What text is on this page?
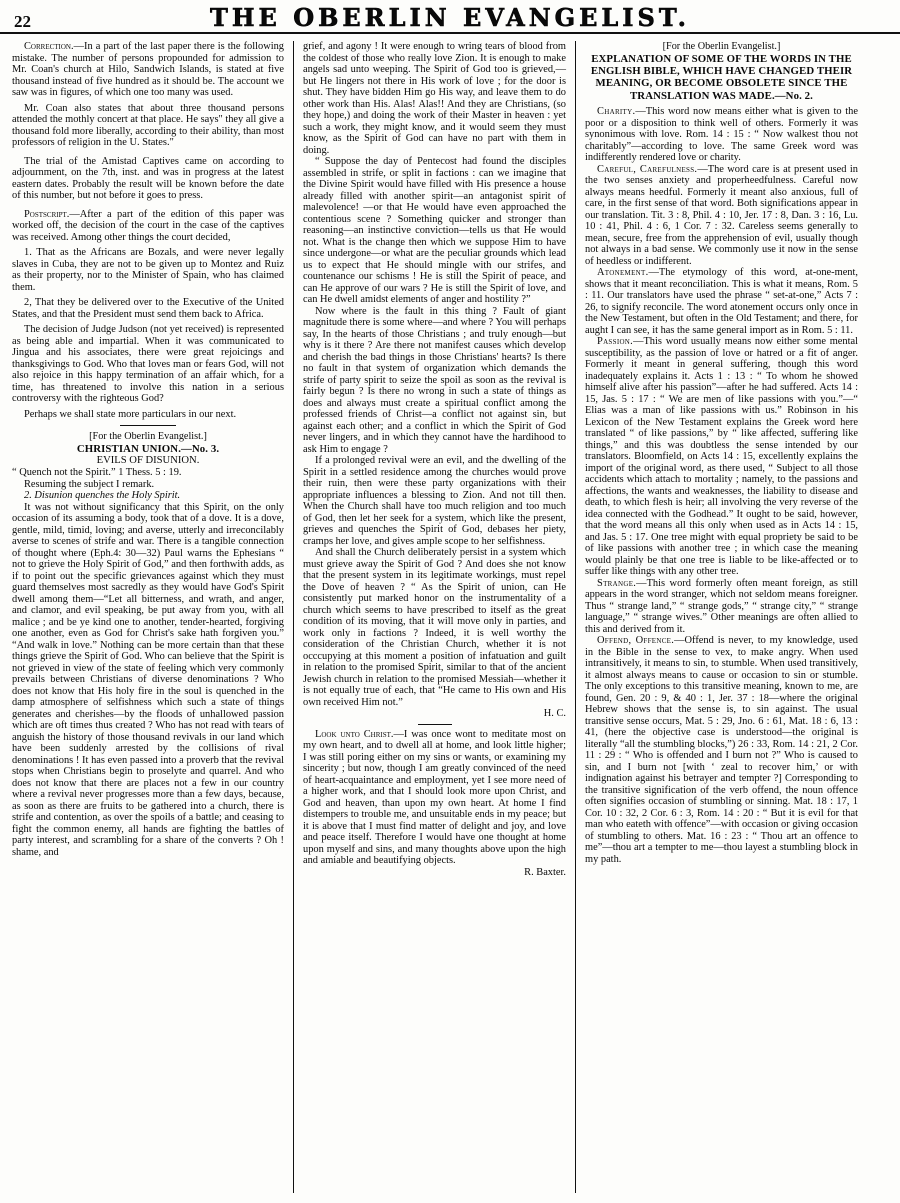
22	THE OBERLIN EVANGELIST.

Correction.—In a part of the last paper there is the following mistake. The number of persons propounded for admission to Mr. Coan's church at Hilo, Sandwich Islands, is stated at five thousand instead of five hundred as it should be. The account we saw was in figures, of which one too many was used.

Mr. Coan also states that about three thousand persons attended the mothly concert at that place. He says" they all give a thousand fold more liberally, according to their ability, than most professors of religion in the U. States."

The trial of the Amistad Captives came on according to adjournment, on the 7th, inst. and was in progress at the latest eastern dates. Probably the result will be known before the date of this number, but not before it goes to press.

Postscript.—After a part of the edition of this paper was worked off, the decision of the court in the case of the captives was received. Among other things the court decided,

1. That as the Africans are Bozals, and were never legally slaves in Cuba, they are not to be given up to Montez and Ruiz as their property, nor to the Minister of Spain, who has claimed them.

2, That they be delivered over to the Executive of the United States, and that the President must send them back to Africa.

The decision of Judge Judson (not yet received) is represented as being able and impartial. When it was communicated to Jingua and his associates, there were great rejoicings and thanksgivings to God. Who that loves man or fears God, will not also rejoice in this happy termination of an affair which, for a time, has threatened to involve this nation in a serious controversy with the righteous God?

Perhaps we shall state more particulars in our next.

[For the Oberlin Evangelist.]

CHRISTIAN UNION.—No. 3.

EVILS OF DISUNION.

“ Quench not the Spirit.” 1 Thess. 5 : 19.

Resuming the subject I remark.

2. Disunion quenches the Holy Spirit.

It was not without significancy that this Spirit, on the only occasion of its assuming a body, took that of a dove. It is a dove, gentle, mild, timid, loving; and averse, utterly and irreconcilably averse to scenes of strife and war. There is a tangible connection of thought where (Eph.4: 30—32) Paul warns the Ephesians “ not to grieve the Holy Spirit of God,” and then forthwith adds, as if to point out the specific grievances against which they must guard themselves most sacredly as they would have God's Spirit dwell among them—“Let all bitterness, and wrath, and anger, and clamor, and evil speaking, be put away from you, with all malice ; and be ye kind one to another, tender-hearted, forgiving one another, even as God for Christ's sake hath forgiven you.” “And walk in love.” Nothing can be more certain than that these things grieve the Spirit of God. Who can believe that the Spirit is not grieved in view of the state of feeling which very commonly prevails between Christians of diverse denominations ? Who does not know that His holy fire in the soul is quenched in the damp atmosphere of selfishness which such a state of things generates and cherishes—by the floods of unhallowed passion which are oft times thus created ? Who has not read with tears of anguish the history of those thousand revivals in our land which have been suddenly arrested by the collisions of rival denominations ! It has even passed into a proverb that the revival stops when Christians begin to proselyte and quarrel. And who does not know that there are places not a few in our country where a revival never progresses more than a few days, because, as soon as there are fruits to be gathered into a church, there is strife and contention, as over the spoils of a battle; and ceasing to fight the common enemy, all hands are fighting the battles of party interest, and scrambling for a share of the converts ? Oh ! shame, and

grief, and agony ! It were enough to wring tears of blood from the coldest of those who really love Zion. It is enough to make angels sad unto weeping. The Spirit of God too is grieved,—but He lingers not there in His work of love ; for the door is shut. They have bidden Him go His way, and leave them to do other work than His. Alas! Alas!! And they are Christians, (so they hope,) and doing the work of their Master in heaven : yet such a work, they might know, and it would seem they must know, as the Spirit of God can have no part with them in doing.

“ Suppose the day of Pentecost had found the disciples assembled in strife, or split in factions : can we imagine that the Divine Spirit would have filled with His presence a house already filled with another spirit—an antagonist spirit of malevolence! —or that He would have even approached the contentious scene ? Something quicker and stronger than reasoning—an instinctive conviction—tells us that He would not. What is the change then which we suppose Him to have since undergone—or what are the peculiar grounds which lead us to expect that He should mingle with our strifes, and countenance our schisms ! He is still the Spirit of peace, and can He approve of our wars ? He is still the Spirit of love, and can He dwell amidst elements of anger and hostility ?”

Now where is the fault in this thing ? Fault of giant magnitude there is some where—and where ? You will perhaps say, In the hearts of those Christians ; and truly enough—but why is it there ? Are there not manifest causes which develop and cherish the bad things in those Christians' hearts? Is there no fault in that system of organization which demands the strife of party spirit to seize the spoil as soon as the revival is fairly begun ? Is there no wrong in such a state of things as does and always must create a spiritual conflict among the professed friends of Christ—a conflict not against sin, but against each other; and a conflict in which the Spirit of God never lingers, and in which they cannot have the hardihood to ask Him to engage ?

If a prolonged revival were an evil, and the dwelling of the Spirit in a settled residence among the churches would prove their ruin, then were these party organizations with their appropriate influences a blessing to Zion. And not till then. When the Church shall have too much religion and too much of God, then let her seek for a system, which like the present, grieves and quenches the Spirit of God, debases her piety, cramps her love, and gives ample scope to her selfishness.

And shall the Church deliberately persist in a system which must grieve away the Spirit of God ? And does she not know that the present system in its legitimate workings, must repel the Dove of heaven ? “ As the Spirit of union, can He consistently put marked honor on the instrumentality of a church which seems to have prescribed to itself as the great condition of its moving, that it will move only in parties, and work only in factions ? Indeed, it is well worthy the consideration of the Christian Church, whether it is not occcupying at this moment a position of infatuation and guilt in relation to the promised Spirit, similar to that of the ancient Jewish church in relation to the promised Messiah—whether it is not equally true of each, that “He came to His own and His own received Him not.”

H. C.

Look unto Christ.—I was once wont to meditate most on my own heart, and to dwell all at home, and look little higher; I was still poring either on my sins or wants, or examining my sincerity ; but now, though I am greatly convinced of the need of heart-acquaintance and employment, yet I see more need of a higher work, and that I should look more upon Christ, and God and heaven, than upon my own heart. At home I find distempers to trouble me, and unsuitable ends in my peace; but it is above that I must find matter of delight and joy, and love and peace itself. Therefore I would have one thought at home upon myself and sins, and many thoughts above upon the high and amiable and beautifying objects.

R. Baxter.

[For the Oberlin Evangelist.]

EXPLANATION OF SOME OF THE WORDS IN THE ENGLISH BIBLE, WHICH HAVE CHANGED THEIR MEANING, OR BECOME OBSOLETE SINCE THE TRANSLATION WAS MADE.—No. 2.

Charity.—This word now means either what is given to the poor or a disposition to think well of others. Formerly it was synonimous with love. Rom. 14 : 15 : “ Now walkest thou not charitably”—according to love. The same Greek word was indifferently rendered love or charity.

Careful, Carefulness.—The word care is at present used in the two senses anxiety and properheedfulness. Careful now always means heedful. Formerly it meant also anxious, full of care, in the first sense of that word. Both significations appear in our translation. Tit. 3 : 8, Phil. 4 : 10, Jer. 17 : 8, Dan. 3 : 16, Lu. 10 : 41, Phil. 4 : 6, 1 Cor. 7 : 32. Careless seems generally to mean, secure, free from the apprehension of evil, usually though not always in a bad sense. We commonly use it now in the sense of heedless or indifferent.

Atonement.—The etymology of this word, at-one-ment, shows that it meant reconciliation. This is what it means, Rom. 5 : 11. Our translators have used the phrase “ set-at-one,” Acts 7 : 26, to signify reconcile. The word atonement occurs only once in the New Testament, but often in the Old Testament; and there, for aught I can see, it has the same general import as in Rom. 5 : 11.

Passion.—This word usually means now either some mental susceptibility, as the passion of love or hatred or a fit of anger. Formerly it meant in general suffering, though this word inadequately explains it. Acts 1 : 13 : “ To whom he showed himself alive after his passion”—after he had suffered. Acts 14 : 15, Jas. 5 : 17 : “ We are men of like passions with you.”—“ Elias was a man of like passions with us.” Robinson in his Lexicon of the New Testament explains the Greek word here translated “ of like passions,” by “ like affected, suffering like things,” and this was doubtless the sense intended by our translators. Bloomfield, on Acts 14 : 15, excellently explains the import of the original word, as there used, “ Subject to all those accidents which attach to mortality ; namely, to the passions and affections, the wants and weaknesses, the liability to disease and death, to which flesh is heir; all involving the very reverse of the idea connected with the Godhead.” It ought to be said, however, that the word means all this only when used as in Acts 14 : 15, and Jas. 5 : 17. One tree might with equal propriety be said to be of like passions with another tree ; in which case the meaning would plainly be that one tree is liable to be like-affected or to suffer like things with any other tree.

Strange.—This word formerly often meant foreign, as still appears in the word stranger, which not seldom means foreigner. Thus “ strange land,” “ strange gods,” “ strange city,” “ strange language,” “ strange wives.” Other meanings are often allied to this and derived from it.

Offend, Offence.—Offend is never, to my knowledge, used in the Bible in the sense to vex, to make angry. When used intransitively, it means to sin, to stumble. When used transitively, it almost always means to cause or occasion to sin or stumble. The only exceptions to this transitive meaning, known to me, are found, Gen. 20 : 9, & 40 : 1, Jer. 37 : 18—where the original Hebrew shows that the sense is, to sin against. The usual transitive sense occurs, Mat. 5 : 29, Jno. 6 : 61, Mat. 18 : 6, 13 : 41, (here the objective case is understood—the original is literally “all the stumbling blocks,”) 26 : 33, Rom. 14 : 21, 2 Cor. 11 : 29 : “ Who is offended and I burn not ?” Who is caused to sin, and I burn not [with ‘ zeal to recover him,’ or with indignation against his betrayer and tempter ?] Corresponding to the transitive signification of the verb offend, the noun offence often signifies occasion of stumbling or sinning. Mat. 18 : 17, 1 Cor. 10 : 32, 2 Cor. 6 : 3, Rom. 14 : 20 : “ But it is evil for that man who eateth with offence”—with occasion or giving occasion of stumbling to others. Mat. 16 : 23 : “ Thou art an offence to me”—thou art a tempter to me—thou layest a stumbling block in my path.
